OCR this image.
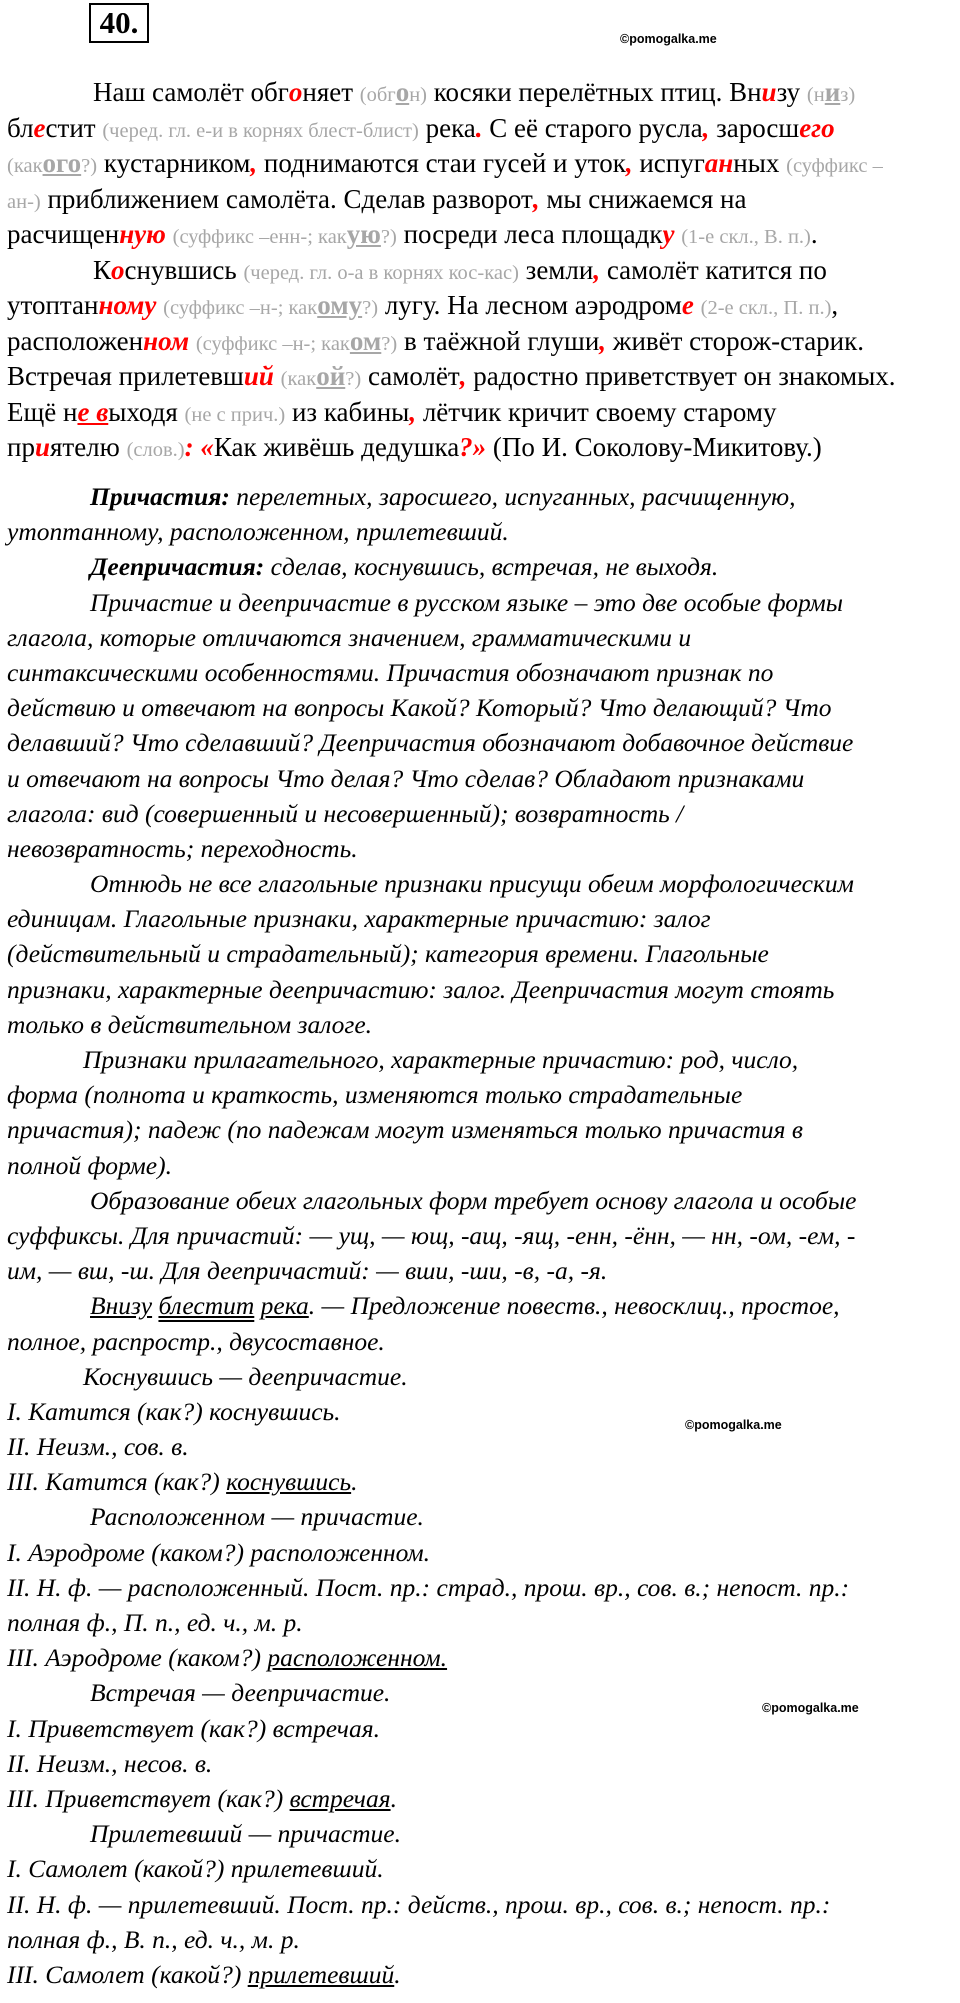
40.	©pomogalka.me
©pomogalka.me
©pomogalka.me
Наш самолёт обгоняет (обгон) косяки перелётных птиц. Внизу (низ)
блестит (черед. гл. е-и в корнях блест-блист) река. С её старого русла, заросшего
(какого?) кустарником, поднимаются стаи гусей и уток, испуганных (суффикс –
ан-) приближением самолёта. Сделав разворот, мы снижаемся на
расчищенную (суффикс –енн-; какую?) посреди леса площадку (1-е скл., В. п.).
Коснувшись (черед. гл. о-а в корнях кос-кас) земли, самолёт катится по
утоптанному (суффикс –н-; какому?) лугу. На лесном аэродроме (2-е скл., П. п.),
расположенном (суффикс –н-; каком?) в таёжной глуши, живёт сторож-старик.
Встречая прилетевший (какой?) самолёт, радостно приветствует он знакомых.
Ещё не выходя (не с прич.) из кабины, лётчик кричит своему старому
приятелю (слов.): «Как живёшь дедушка?» (По И. Соколову-Микитову.)
Причастия: перелетных, заросшего, испуганных, расчищенную,
утоптанному, расположенном, прилетевший.
Деепричастия: сделав, коснувшись, встречая, не выходя.
Причастие и деепричастие в русском языке – это две особые формы
глагола, которые отличаются значением, грамматическими и
синтаксическими особенностями. Причастия обозначают признак по
действию и отвечают на вопросы Какой? Который? Что делающий? Что
делавший? Что сделавший? Деепричастия обозначают добавочное действие
и отвечают на вопросы Что делая? Что сделав? Обладают признаками
глагола: вид (совершенный и несовершенный); возвратность /
невозвратность; переходность.
Отнюдь не все глагольные признаки присущи обеим морфологическим
единицам. Глагольные признаки, характерные причастию: залог
(действительный и страдательный); категория времени. Глагольные
признаки, характерные деепричастию: залог. Деепричастия могут стоять
только в действительном залоге.
Признаки прилагательного, характерные причастию: род, число,
форма (полнота и краткость, изменяются только страдательные
причастия); падеж (по падежам могут изменяться только причастия в
полной форме).
Образование обеих глагольных форм требует основу глагола и особые
суффиксы. Для причастий: — ущ, — ющ, -ащ, -ящ, -енн, -ённ, — нн, -ом, -ем, -
им, — вш, -ш. Для деепричастий: — вши, -ши, -в, -а, -я.
Внизу блестит река. — Предложение повеств., невосклиц., простое,
полное, распростр., двусоставное.
Коснувшись — деепричастие.
I. Катится (как?) коснувшись.
II. Неизм., сов. в.
III. Катится (как?) коснувшись.
Расположенном — причастие.
I. Аэродроме (каком?) расположенном.
II. Н. ф. — расположенный. Пост. пр.: страд., прош. вр., сов. в.; непост. пр.:
полная ф., П. п., ед. ч., м. р.
III. Аэродроме (каком?) расположенном.
Встречая — деепричастие.
I. Приветствует (как?) встречая.
II. Неизм., несов. в.
III. Приветствует (как?) встречая.
Прилетевший — причастие.
I. Самолет (какой?) прилетевший.
II. Н. ф. — прилетевший. Пост. пр.: действ., прош. вр., сов. в.; непост. пр.:
полная ф., В. п., ед. ч., м. р.
III. Самолет (какой?) прилетевший.
